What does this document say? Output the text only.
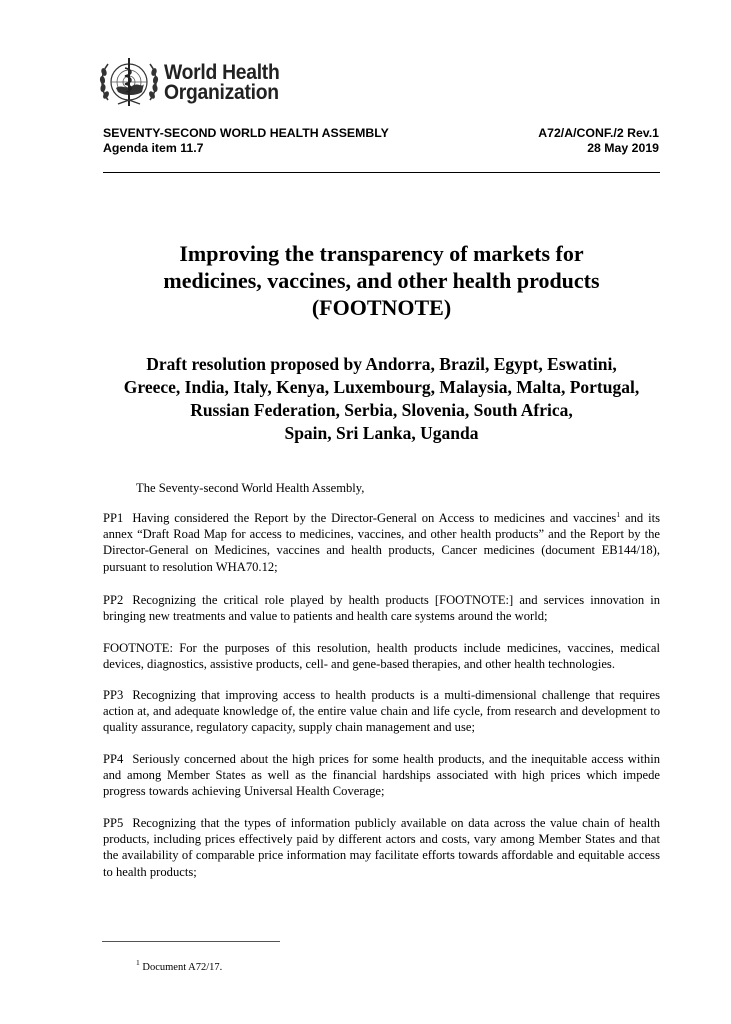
World Health
Organization
SEVENTY-SECOND WORLD HEALTH ASSEMBLY
Agenda item 11.7
A72/A/CONF./2 Rev.1
28 May 2019
Improving the transparency of markets for
medicines, vaccines, and other health products
(FOOTNOTE)
Draft resolution proposed by Andorra, Brazil, Egypt, Eswatini,
Greece, India, Italy, Kenya, Luxembourg, Malaysia, Malta, Portugal,
Russian Federation, Serbia, Slovenia, South Africa,
Spain, Sri Lanka, Uganda
The Seventy-second World Health Assembly,
PP1 Having considered the Report by the Director-General on Access to medicines and vaccines$^1$ and its annex “Draft Road Map for access to medicines, vaccines, and other health products” and the Report by the Director-General on Medicines, vaccines and health products, Cancer medicines (document EB144/18), pursuant to resolution WHA70.12;
PP2 Recognizing the critical role played by health products [FOOTNOTE:] and services innovation in bringing new treatments and value to patients and health care systems around the world;
FOOTNOTE: For the purposes of this resolution, health products include medicines, vaccines, medical devices, diagnostics, assistive products, cell- and gene-based therapies, and other health technologies.
PP3 Recognizing that improving access to health products is a multi-dimensional challenge that requires action at, and adequate knowledge of, the entire value chain and life cycle, from research and development to quality assurance, regulatory capacity, supply chain management and use;
PP4 Seriously concerned about the high prices for some health products, and the inequitable access within and among Member States as well as the financial hardships associated with high prices which impede progress towards achieving Universal Health Coverage;
PP5 Recognizing that the types of information publicly available on data across the value chain of health products, including prices effectively paid by different actors and costs, vary among Member States and that the availability of comparable price information may facilitate efforts towards affordable and equitable access to health products;
$^1$ Document A72/17.
